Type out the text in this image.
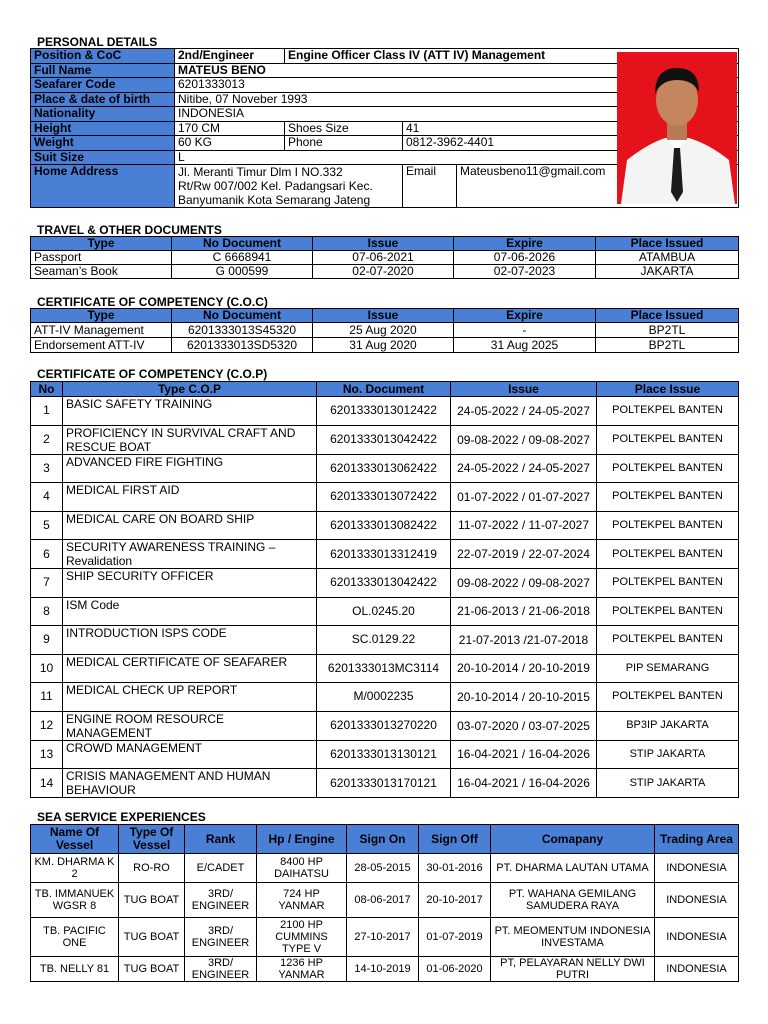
PERSONAL DETAILS
Position & CoC	2nd/Engineer	Engine Officer Class IV (ATT IV) Management		
Full Name	MATEUS BENO			
Seafarer Code	6201333013			
Place & date of birth	Nitibe, 07 Noveber 1993			
Nationality	INDONESIA			
Height	170 CM	Shoes Size	41	
Weight	60 KG	Phone	0812-3962-4401	
Suit Size	L			
Home Address	Jl. Meranti Timur Dlm I NO.332
Rt/Rw 007/002 Kel. Padangsari Kec.
Banyumanik Kota Semarang Jateng		Email	Mateusbeno11@gmail.com
TRAVEL & OTHER DOCUMENTS
Type	No Document	Issue	Expire	Place Issued
Passport	C 6668941	07-06-2021	07-06-2026	ATAMBUA
Seaman’s Book	G 000599	02-07-2020	02-07-2023	JAKARTA
CERTIFICATE OF COMPETENCY (C.O.C)
Type	No Document	Issue	Expire	Place Issued
ATT-IV Management	6201333013S45320	25 Aug 2020	-	BP2TL
Endorsement ATT-IV	6201333013SD5320	31 Aug 2020	31 Aug 2025	BP2TL
CERTIFICATE OF COMPETENCY (C.O.P)
No	Type C.O.P	No. Document	Issue	Place Issue
1	BASIC SAFETY TRAINING	6201333013012422	24-05-2022 / 24-05-2027	POLTEKPEL BANTEN
2	PROFICIENCY IN SURVIVAL CRAFT AND RESCUE BOAT	6201333013042422	09-08-2022 / 09-08-2027	POLTEKPEL BANTEN
3	ADVANCED FIRE FIGHTING	6201333013062422	24-05-2022 / 24-05-2027	POLTEKPEL BANTEN
4	MEDICAL FIRST AID	6201333013072422	01-07-2022 / 01-07-2027	POLTEKPEL BANTEN
5	MEDICAL CARE ON BOARD SHIP	6201333013082422	11-07-2022 / 11-07-2027	POLTEKPEL BANTEN
6	SECURITY AWARENESS TRAINING – Revalidation	6201333013312419	22-07-2019 / 22-07-2024	POLTEKPEL BANTEN
7	SHIP SECURITY OFFICER	6201333013042422	09-08-2022 / 09-08-2027	POLTEKPEL BANTEN
8	ISM Code	OL.0245.20	21-06-2013 / 21-06-2018	POLTEKPEL BANTEN
9	INTRODUCTION ISPS CODE	SC.0129.22	21-07-2013 /21-07-2018	POLTEKPEL BANTEN
10	MEDICAL CERTIFICATE OF SEAFARER	6201333013MC3114	20-10-2014 / 20-10-2019	PIP SEMARANG
11	MEDICAL CHECK UP REPORT	M/0002235	20-10-2014 / 20-10-2015	POLTEKPEL BANTEN
12	ENGINE ROOM RESOURCE MANAGEMENT	6201333013270220	03-07-2020 / 03-07-2025	BP3IP JAKARTA
13	CROWD MANAGEMENT	6201333013130121	16-04-2021 / 16-04-2026	STIP JAKARTA
14	CRISIS MANAGEMENT AND HUMAN BEHAVIOUR	6201333013170121	16-04-2021 / 16-04-2026	STIP JAKARTA
SEA SERVICE EXPERIENCES
Name Of Vessel	Type Of Vessel	Rank	Hp / Engine	Sign On	Sign Off	Comapany	Trading Area
KM. DHARMA K 2	RO-RO	E/CADET	8400 HP DAIHATSU	28-05-2015	30-01-2016	PT. DHARMA LAUTAN UTAMA	INDONESIA
TB. IMMANUEK WGSR 8	TUG BOAT	3RD/ ENGINEER	724 HP YANMAR	08-06-2017	20-10-2017	PT. WAHANA GEMILANG SAMUDERA RAYA	INDONESIA
TB. PACIFIC ONE	TUG BOAT	3RD/ ENGINEER	2100 HP CUMMINS TYPE V	27-10-2017	01-07-2019	PT. MEOMENTUM INDONESIA INVESTAMA	INDONESIA
TB. NELLY 81	TUG BOAT	3RD/ ENGINEER	1236 HP YANMAR	14-10-2019	01-06-2020	PT, PELAYARAN NELLY DWI PUTRI	INDONESIA
